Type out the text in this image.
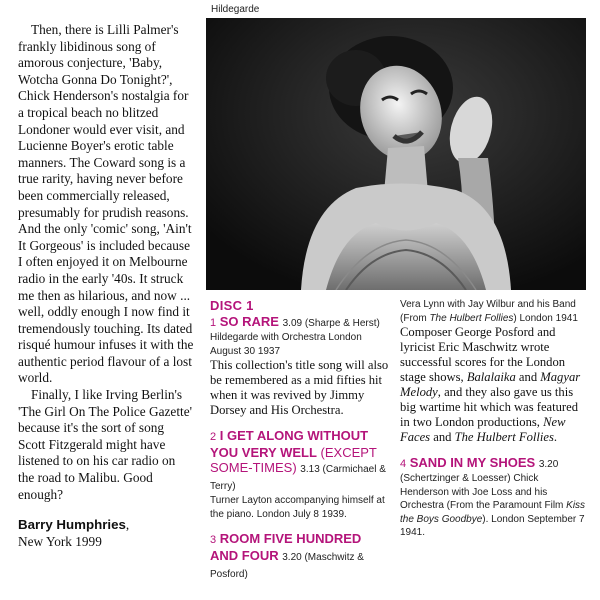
Then, there is Lilli Palmer's frankly libidinous song of amorous conjecture, 'Baby, Wotcha Gonna Do Tonight?', Chick Henderson's nostalgia for a tropical beach no blitzed Londoner would ever visit, and Lucienne Boyer's erotic table manners. The Coward song is a true rarity, having never before been commercially released, presumably for prudish reasons. And the only 'comic' song, 'Ain't It Gorgeous' is included because I often enjoyed it on Melbourne radio in the early '40s. It struck me then as hilarious, and now ... well, oddly enough I now find it tremendously touching. Its dated risqué humour infuses it with the authentic period flavour of a lost world.

Finally, I like Irving Berlin's 'The Girl On The Police Gazette' because it's the sort of song Scott Fitzgerald might have listened to on his car radio on the road to Malibu. Good enough?

Barry Humphries,
New York 1999
Hildegarde
DISC 1
1 SO RARE 3.09 (Sharpe & Herst)
Hildegarde with Orchestra London August 30 1937
This collection's title song will also be remembered as a mid fifties hit when it was revived by Jimmy Dorsey and His Orchestra.
2 I GET ALONG WITHOUT YOU VERY WELL (EXCEPT SOME-TIMES) 3.13 (Carmichael & Terry)
Turner Layton accompanying himself at the piano. London July 8 1939.
3 ROOM FIVE HUNDRED AND FOUR 3.20 (Maschwitz & Posford)
Vera Lynn with Jay Wilbur and his Band (From The Hulbert Follies) London 1941
Composer George Posford and lyricist Eric Maschwitz wrote successful scores for the London stage shows, Balalaika and Magyar Melody, and they also gave us this big wartime hit which was featured in two London productions, New Faces and The Hulbert Follies.
4 SAND IN MY SHOES 3.20
(Schertzinger & Loesser) Chick Henderson with Joe Loss and his Orchestra (From the Paramount Film Kiss the Boys Goodbye). London September 7 1941.
